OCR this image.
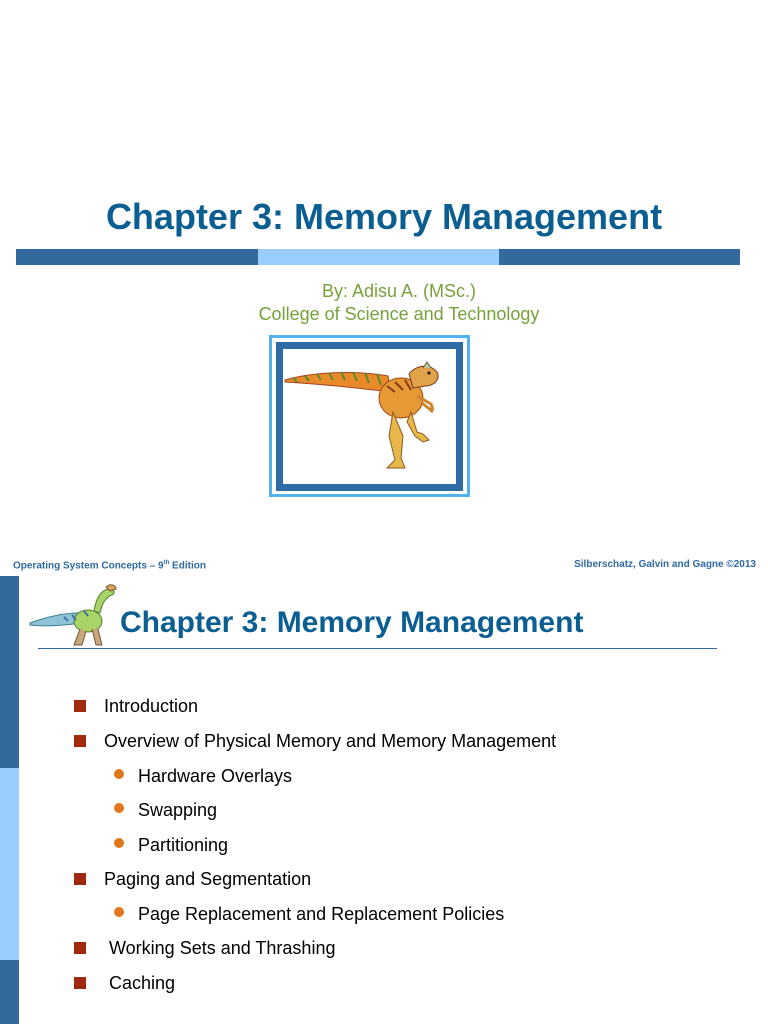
Chapter 3: Memory Management
By: Adisu A. (MSc.)
College of Science and Technology
Operating System Concepts – 9th Edition	Silberschatz, Galvin and Gagne ©2013
Chapter 3: Memory Management
Introduction
Overview of Physical Memory and Memory Management
Hardware Overlays
Swapping
Partitioning
Paging and Segmentation
Page Replacement and Replacement Policies
Working Sets and Thrashing
Caching
